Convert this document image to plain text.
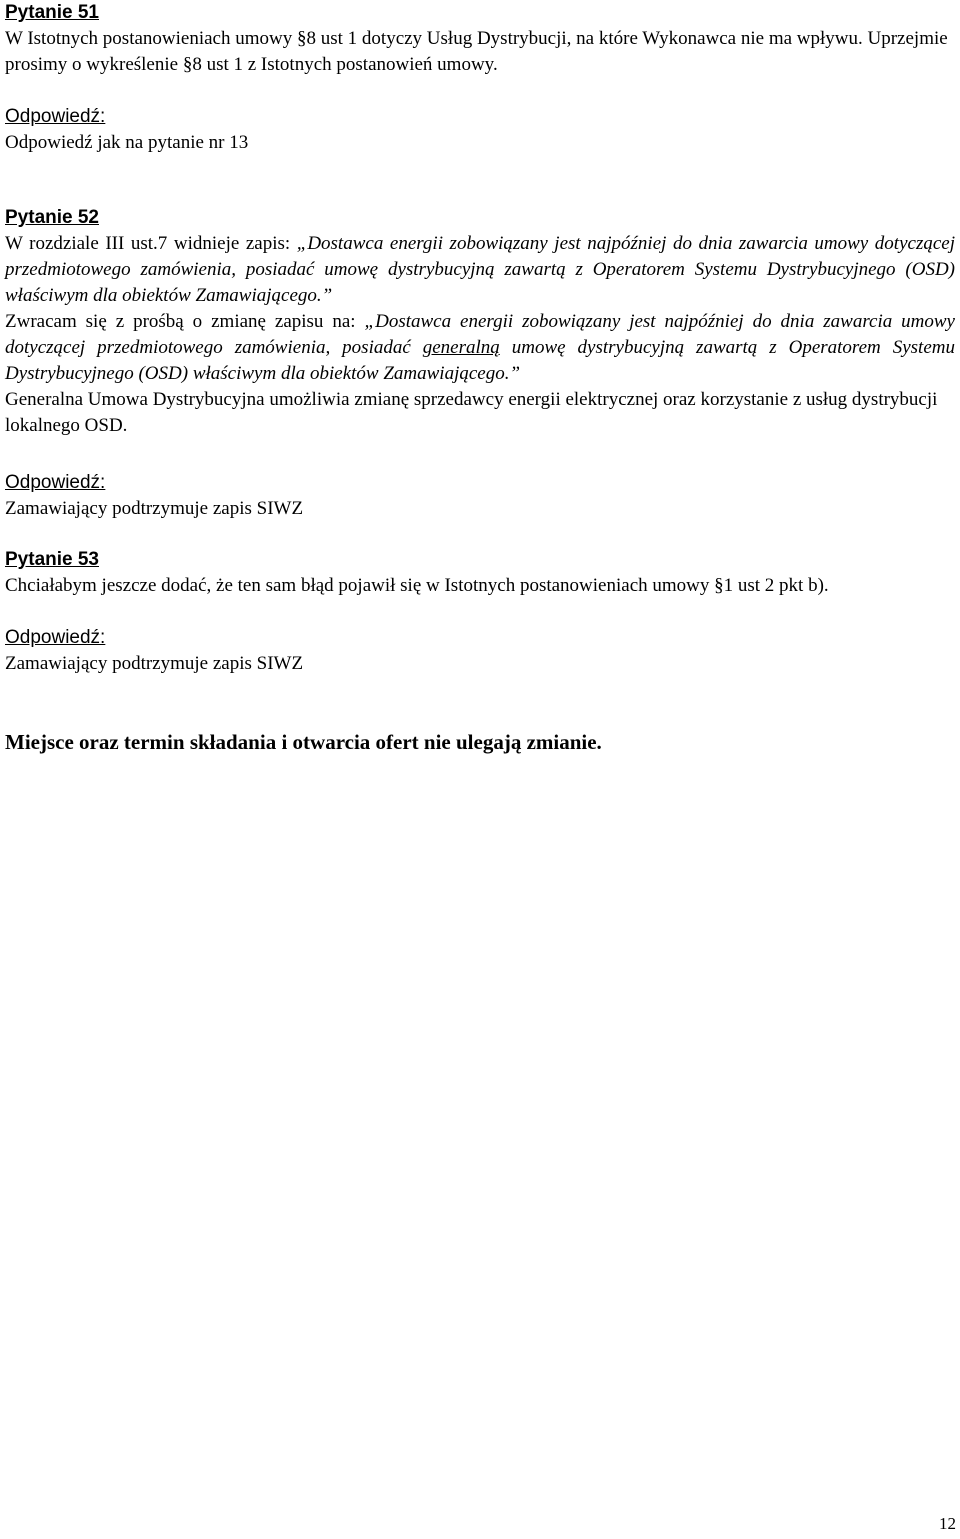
Pytanie 51
W Istotnych postanowieniach umowy §8 ust 1 dotyczy Usług Dystrybucji, na które Wykonawca nie ma wpływu. Uprzejmie prosimy o wykreślenie §8 ust 1 z Istotnych postanowień umowy.
Odpowiedź:
Odpowiedź jak na pytanie nr 13
Pytanie 52
W rozdziale III ust.7 widnieje zapis: „Dostawca energii zobowiązany jest najpóźniej do dnia zawarcia umowy dotyczącej przedmiotowego zamówienia, posiadać umowę dystrybucyjną zawartą z Operatorem Systemu Dystrybucyjnego (OSD) właściwym dla obiektów Zamawiającego.”
Zwracam się z prośbą o zmianę zapisu na: „Dostawca energii zobowiązany jest najpóźniej do dnia zawarcia umowy dotyczącej przedmiotowego zamówienia, posiadać generalną umowę dystrybucyjną zawartą z Operatorem Systemu Dystrybucyjnego (OSD) właściwym dla obiektów Zamawiającego.”
Generalna Umowa Dystrybucyjna umożliwia zmianę sprzedawcy energii elektrycznej oraz korzystanie z usług dystrybucji lokalnego OSD.
Odpowiedź:
Zamawiający podtrzymuje zapis SIWZ
Pytanie 53
Chciałabym jeszcze dodać, że ten sam błąd pojawił się w Istotnych postanowieniach umowy §1 ust 2 pkt b).
Odpowiedź:
Zamawiający podtrzymuje zapis SIWZ
Miejsce oraz termin składania i otwarcia ofert nie ulegają zmianie.
12
